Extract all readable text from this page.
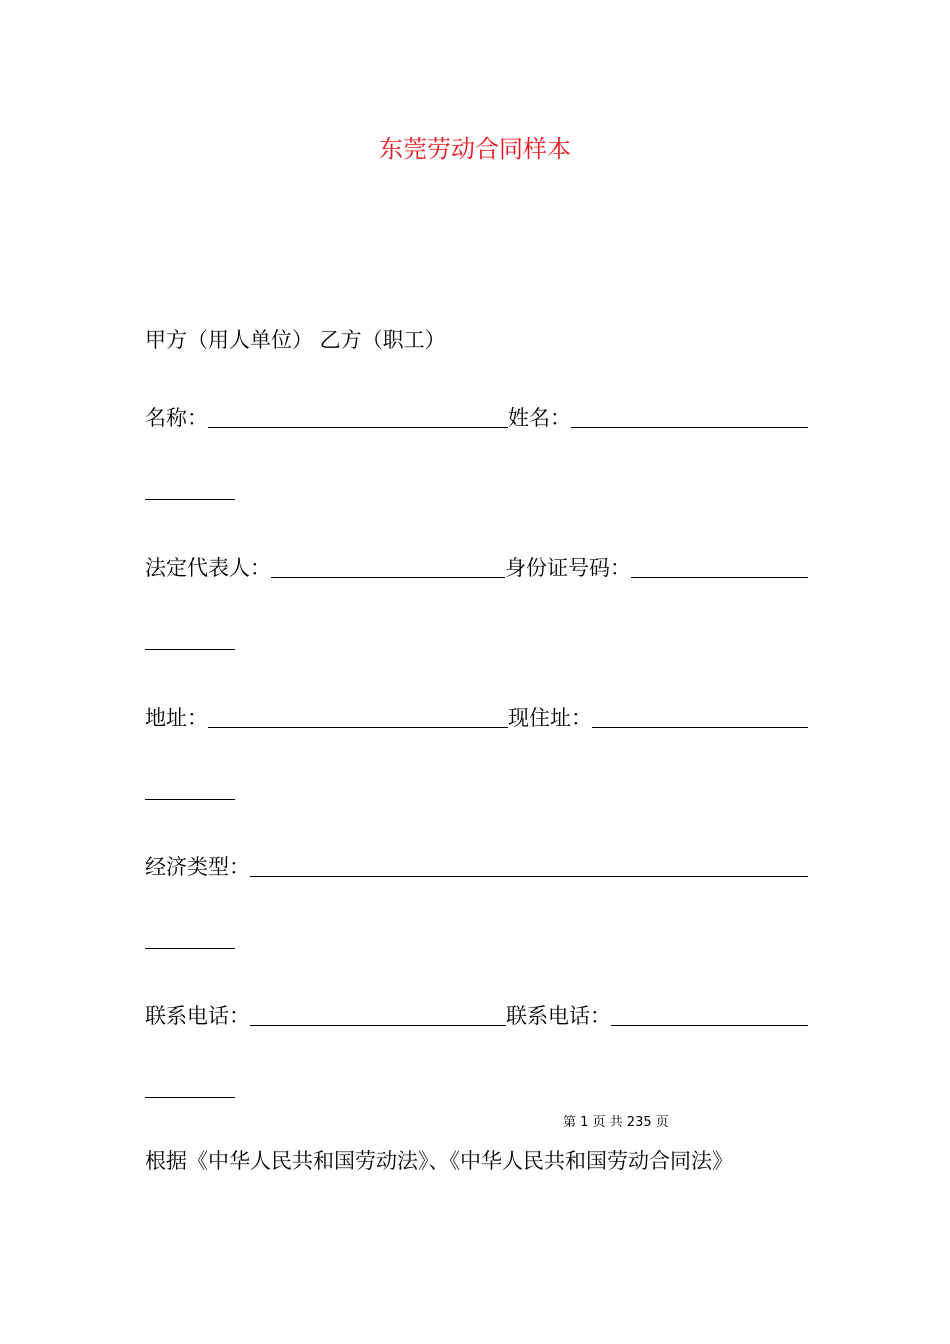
东莞劳动合同样本
甲方（用人单位） 乙方（职工）
名称：	姓名：
法定代表人：	身份证号码：
地址：	现住址：
经济类型：
联系电话：	联系电话：
第 1 页 共 235 页
根据《中华人民共和国劳动法》、《中华人民共和国劳动合同法》
